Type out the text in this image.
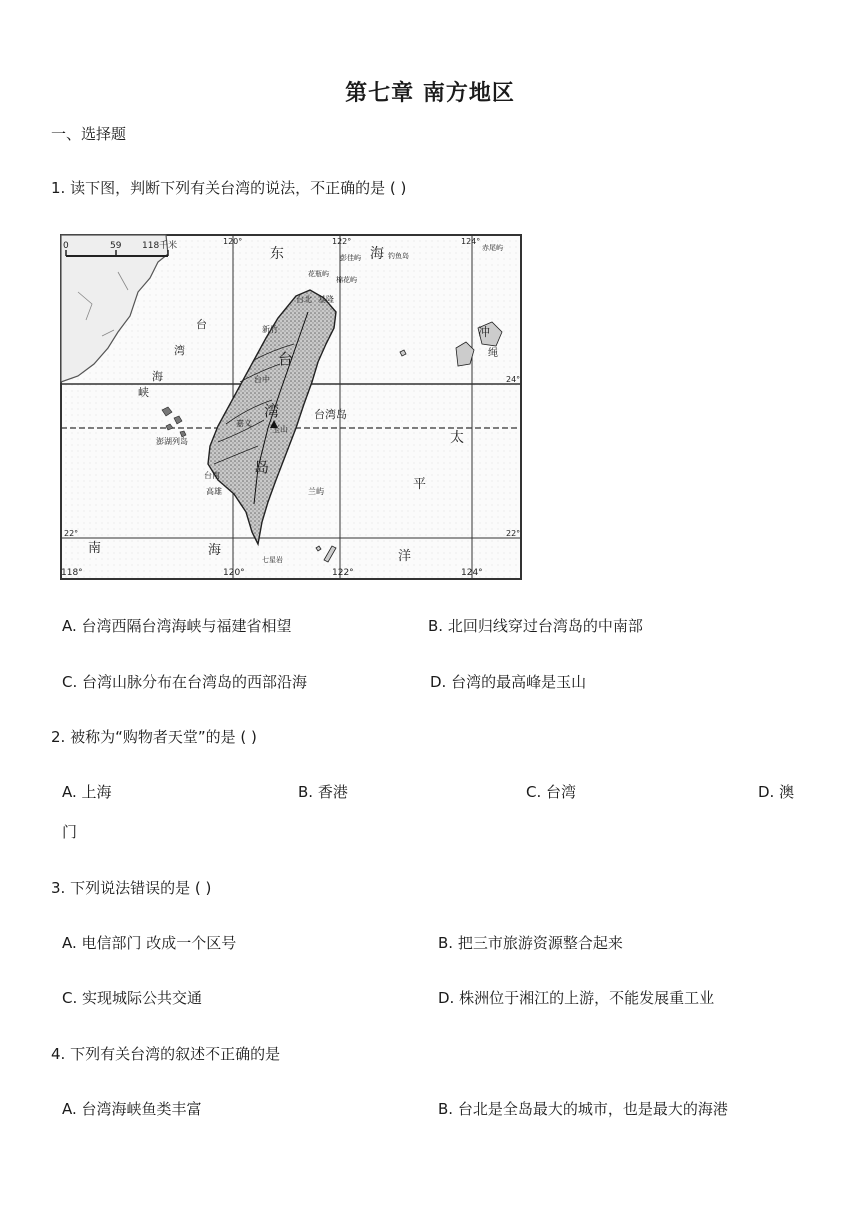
第七章 南方地区
一、选择题
1. 读下图，判断下列有关台湾的说法，不正确的是 ( )
0	59 118千米
118°	120°	122°	124°
120°	122°	124°
24°
22°
22°
东	海
南	海
太
平
洋
台
湾
海
峡
台
湾
岛
钓鱼岛
赤尾屿
彭佳屿
花瓶屿
棉花屿
台北 基隆
新竹
台中
嘉义
玉山
台南
高雄	兰屿
七星岩
澎湖列岛
台湾岛
冲
绳
A. 台湾西隔台湾海峡与福建省相望	B. 北回归线穿过台湾岛的中南部
C. 台湾山脉分布在台湾岛的西部沿海	D. 台湾的最高峰是玉山
2. 被称为“购物者天堂”的是 ( )
A. 上海	B. 香港	C. 台湾	D. 澳
门
3. 下列说法错误的是 ( )
A. 电信部门 改成一个区号	B. 把三市旅游资源整合起来
C. 实现城际公共交通	D. 株洲位于湘江的上游，不能发展重工业
4. 下列有关台湾的叙述不正确的是
A. 台湾海峡鱼类丰富	B. 台北是全岛最大的城市，也是最大的海港
